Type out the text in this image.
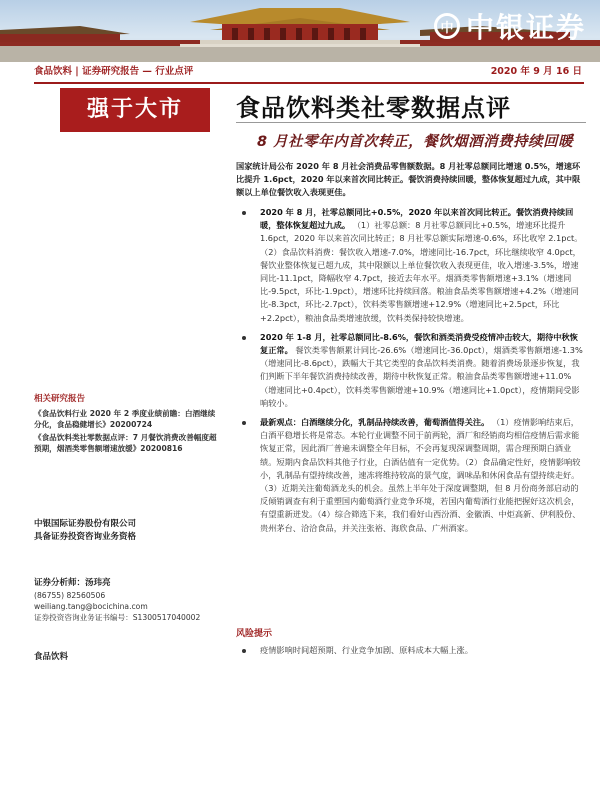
中 中银证券
食品饮料 | 证券研究报告 — 行业点评	2020 年 9 月 16 日
强于大市	食品饮料类社零数据点评
8 月社零年内首次转正，餐饮烟酒消费持续回暖
国家统计局公布 2020 年 8 月社会消费品零售额数据。8 月社零总额同比增速 0.5%，增速环比提升 1.6pct，2020 年以来首次同比转正。餐饮消费持续回暖，整体恢复超过九成，其中限额以上单位餐饮收入表现更佳。
2020 年 8 月，社零总额同比+0.5%，2020 年以来首次同比转正。餐饮消费持续回暖，整体恢复超过九成。 （1）社零总额：8 月社零总额同比+0.5%，增速环比提升 1.6pct，2020 年以来首次同比转正；8 月社零总额实际增速-0.6%，环比收窄 2.1pct。（2）食品饮料消费：餐饮收入增速-7.0%，增速同比-16.7pct，环比继续收窄 4.0pct，餐饮业整体恢复已超九成，其中限额以上单位餐饮收入表现更佳，收入增速-3.5%，增速同比-11.1pct，降幅收窄 4.7pct，接近去年水平。烟酒类零售额增速+3.1%（增速同比-9.5pct，环比-1.9pct），增速环比持续回落。粮油食品类零售额增速+4.2%（增速同比-8.3pct，环比-2.7pct），饮料类零售额增速+12.9%（增速同比+2.5pct，环比+2.2pct），粮油食品类增速放缓，饮料类保持较快增速。
2020 年 1-8 月，社零总额同比-8.6%，餐饮和酒类消费受疫情冲击较大，期待中秋恢复正常。 餐饮类零售额累计同比-26.6%（增速同比-36.0pct），烟酒类零售额增速-1.3%（增速同比-8.6pct），跌幅大于其它类型的食品饮料类消费。随着消费场景逐步恢复，我们判断下半年餐饮消费持续改善，期待中秋恢复正常。粮油食品类零售额增速+11.0%（增速同比+0.4pct），饮料类零售额增速+10.9%（增速同比+1.0pct），疫情期间受影响较小。
最新观点：白酒继续分化，乳制品持续改善，葡萄酒值得关注。 （1）疫情影响结束后，白酒平稳增长将是常态。本轮行业调整不同于前两轮，酒厂和经销商均相信疫情后需求能恢复正常，因此酒厂普遍未调整全年目标，不会再复现深调整周期，需合理预期白酒业绩。短期内食品饮料其他子行业，白酒估值有一定优势。（2）食品确定性好，疫情影响较小，乳制品有望持续改善，速冻将维持较高的景气度，调味品和休闲食品有望持续走好。（3）近期关注葡萄酒龙头的机会。虽然上半年处于深度调整期，但 8 月份商务部启动的反倾销调查有利于重塑国内葡萄酒行业竞争环境，若国内葡萄酒行业能把握好这次机会，有望重新迸发。（4）综合筛选下来，我们看好山西汾酒、金徽酒、中炬高新、伊利股份、贵州茅台、洽洽食品，并关注张裕、海欣食品、广州酒家。
风险提示
疫情影响时间超预期、行业竞争加剧、原料成本大幅上涨。
相关研究报告
《食品饮料行业 2020 年 2 季度业绩前瞻：白酒继续分化，食品稳健增长》20200724
《食品饮料类社零数据点评：7 月餐饮消费改善幅度超预期，烟酒类零售额增速放缓》20200816
中银国际证券股份有限公司
具备证券投资咨询业务资格
证券分析师：汤玮亮
(86755) 82560506
weiliang.tang@bocichina.com
证券投资咨询业务证书编号：S1300517040002
食品饮料
